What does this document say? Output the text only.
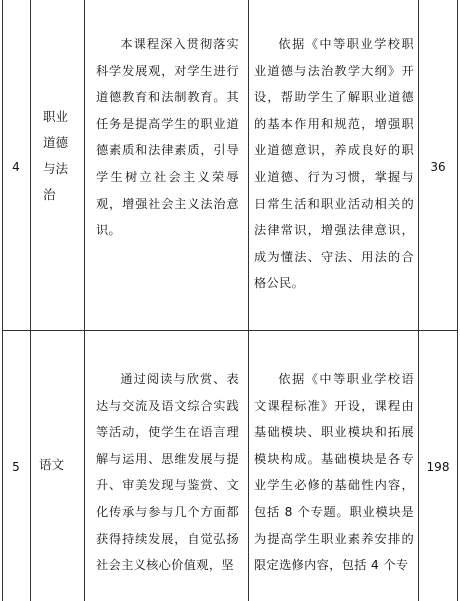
4
职业道德与法治
本课程深入贯彻落实科学发展观，对学生进行道德教育和法制教育。其任务是提高学生的职业道德素质和法律素质，引导学生树立社会主义荣辱观，增强社会主义法治意识。
依据《中等职业学校职业道德与法治教学大纲》开设，帮助学生了解职业道德的基本作用和规范，增强职业道德意识，养成良好的职业道德、行为习惯，掌握与日常生活和职业活动相关的法律常识，增强法律意识，成为懂法、守法、用法的合格公民。
36
5	语文
通过阅读与欣赏、表达与交流及语文综合实践等活动，使学生在语言理解与运用、思维发展与提升、审美发现与鉴赏、文化传承与参与几个方面都获得持续发展，自觉弘扬社会主义核心价值观，坚
依据《中等职业学校语文课程标准》开设，课程由基础模块、职业模块和拓展模块构成。基础模块是各专业学生必修的基础性内容，包括 8 个专题。职业模块是为提高学生职业素养安排的限定选修内容，包括 4 个专
198
